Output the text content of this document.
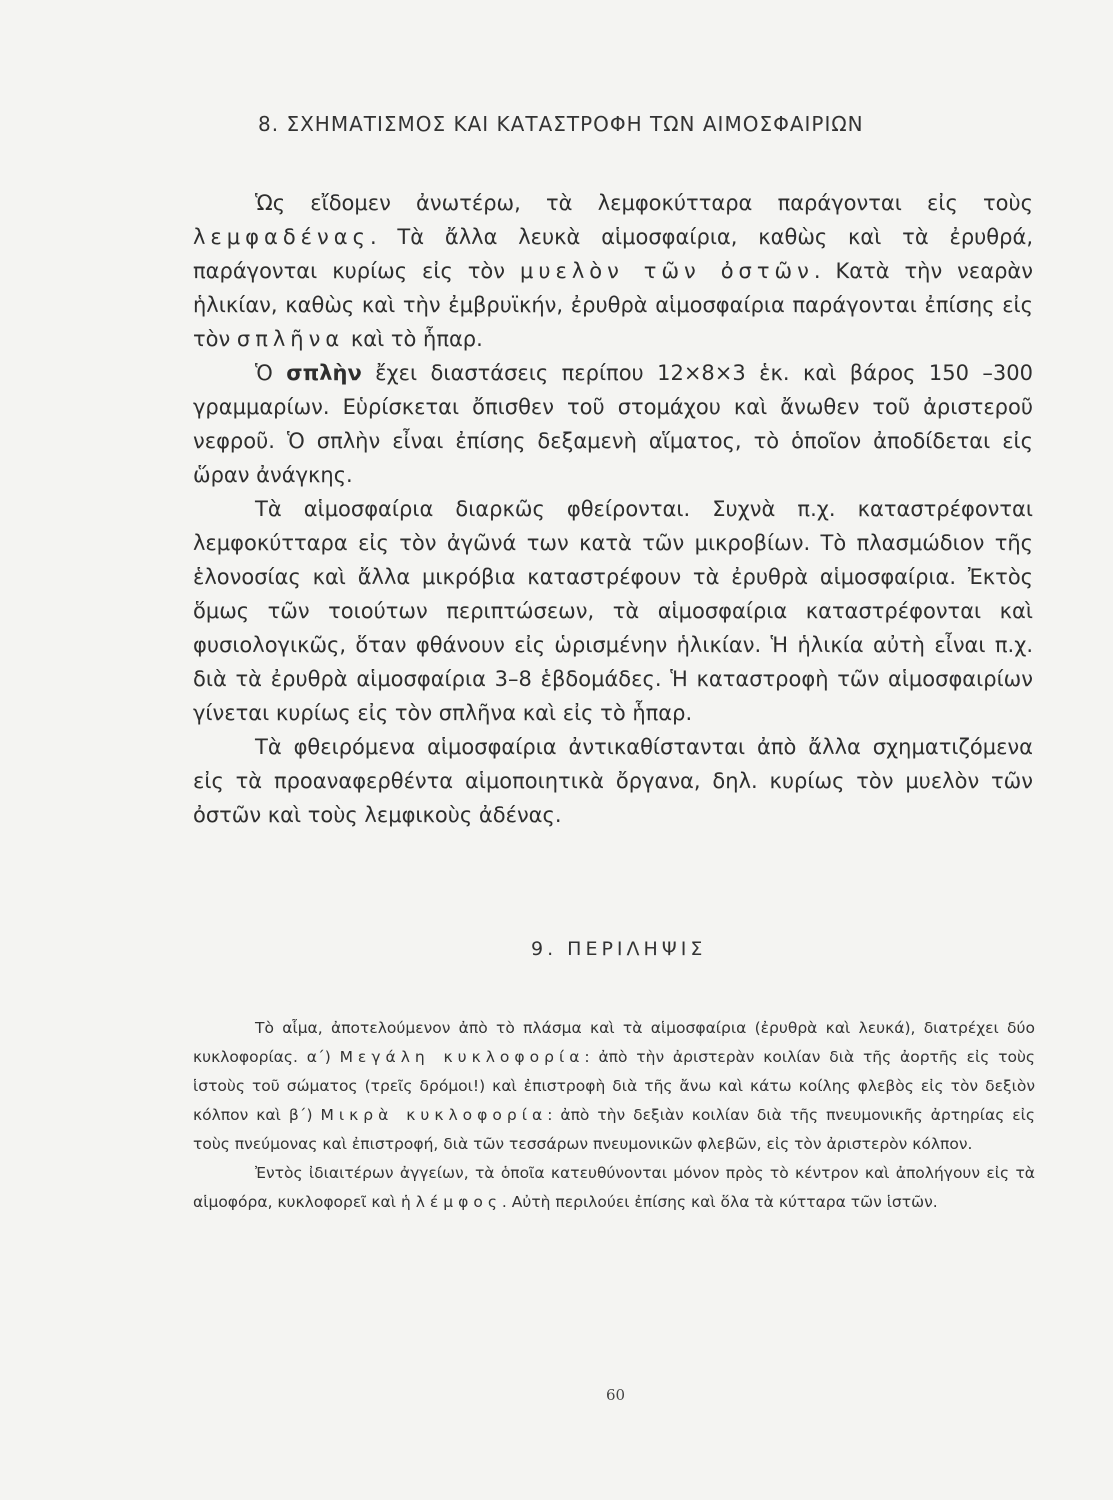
8. ΣΧΗΜΑΤΙΣΜΟΣ ΚΑΙ ΚΑΤΑΣΤΡΟΦΗ ΤΩΝ ΑΙΜΟΣΦΑΙΡΙΩΝ

Ὡς εἴδομεν ἀνωτέρω, τὰ λεμφοκύτταρα παράγονται εἰς τοὺς λεμφαδένας. Τὰ ἄλλα λευκὰ αἱμοσφαίρια, καθὼς καὶ τὰ ἐρυθρά, παράγονται κυρίως εἰς τὸν μυελὸν τῶν ὀστῶν. Κατὰ τὴν νεαρὰν ἡλικίαν, καθὼς καὶ τὴν ἐμβρυϊκήν, ἐρυθρὰ αἱμοσφαίρια παράγονται ἐπίσης εἰς τὸν σπλῆνα καὶ τὸ ἧπαρ.

Ὁ σπλὴν ἔχει διαστάσεις περίπου 12×8×3 ἑκ. καὶ βάρος 150 –300 γραμμαρίων. Εὑρίσκεται ὄπισθεν τοῦ στομάχου καὶ ἄνωθεν τοῦ ἀριστεροῦ νεφροῦ. Ὁ σπλὴν εἶναι ἐπίσης δεξαμενὴ αἵματος, τὸ ὁποῖον ἀποδίδεται εἰς ὥραν ἀνάγκης.

Τὰ αἱμοσφαίρια διαρκῶς φθείρονται. Συχνὰ π.χ. καταστρέφονται λεμφοκύτταρα εἰς τὸν ἀγῶνά των κατὰ τῶν μικροβίων. Τὸ πλασμώδιον τῆς ἑλονοσίας καὶ ἄλλα μικρόβια καταστρέφουν τὰ ἐρυθρὰ αἱμοσφαίρια. Ἐκτὸς ὅμως τῶν τοιούτων περιπτώσεων, τὰ αἱμοσφαίρια καταστρέφονται καὶ φυσιολογικῶς, ὅταν φθάνουν εἰς ὡρισμένην ἡλικίαν. Ἡ ἡλικία αὐτὴ εἶναι π.χ. διὰ τὰ ἐρυθρὰ αἱμοσφαίρια 3–8 ἑβδομάδες. Ἡ καταστροφὴ τῶν αἱμοσφαιρίων γίνεται κυρίως εἰς τὸν σπλῆνα καὶ εἰς τὸ ἧπαρ.

Τὰ φθειρόμενα αἱμοσφαίρια ἀντικαθίστανται ἀπὸ ἄλλα σχηματιζόμενα εἰς τὰ προαναφερθέντα αἱμοποιητικὰ ὄργανα, δηλ. κυρίως τὸν μυελὸν τῶν ὀστῶν καὶ τοὺς λεμφικοὺς ἀδένας.

9. ΠΕΡΙΛΗΨΙΣ

Τὸ αἷμα, ἀποτελούμενον ἀπὸ τὸ πλάσμα καὶ τὰ αἱμοσφαίρια (ἐρυθρὰ καὶ λευκά), διατρέχει δύο κυκλοφορίας. α΄) Μεγάλη κυκλοφορία: ἀπὸ τὴν ἀριστερὰν κοιλίαν διὰ τῆς ἀορτῆς εἰς τοὺς ἱστοὺς τοῦ σώματος (τρεῖς δρόμοι!) καὶ ἐπιστροφὴ διὰ τῆς ἄνω καὶ κάτω κοίλης φλεβὸς εἰς τὸν δεξιὸν κόλπον καὶ β΄) Μικρὰ κυκλοφορία: ἀπὸ τὴν δεξιὰν κοιλίαν διὰ τῆς πνευμονικῆς ἀρτηρίας εἰς τοὺς πνεύμονας καὶ ἐπιστροφή, διὰ τῶν τεσσάρων πνευμονικῶν φλεβῶν, εἰς τὸν ἀριστερὸν κόλπον.

Ἐντὸς ἰδιαιτέρων ἀγγείων, τὰ ὁποῖα κατευθύνονται μόνον πρὸς τὸ κέντρον καὶ ἀπολήγουν εἰς τὰ αἱμοφόρα, κυκλοφορεῖ καὶ ἡ λέμφος. Αὐτὴ περιλούει ἐπίσης καὶ ὅλα τὰ κύτταρα τῶν ἱστῶν.

60
